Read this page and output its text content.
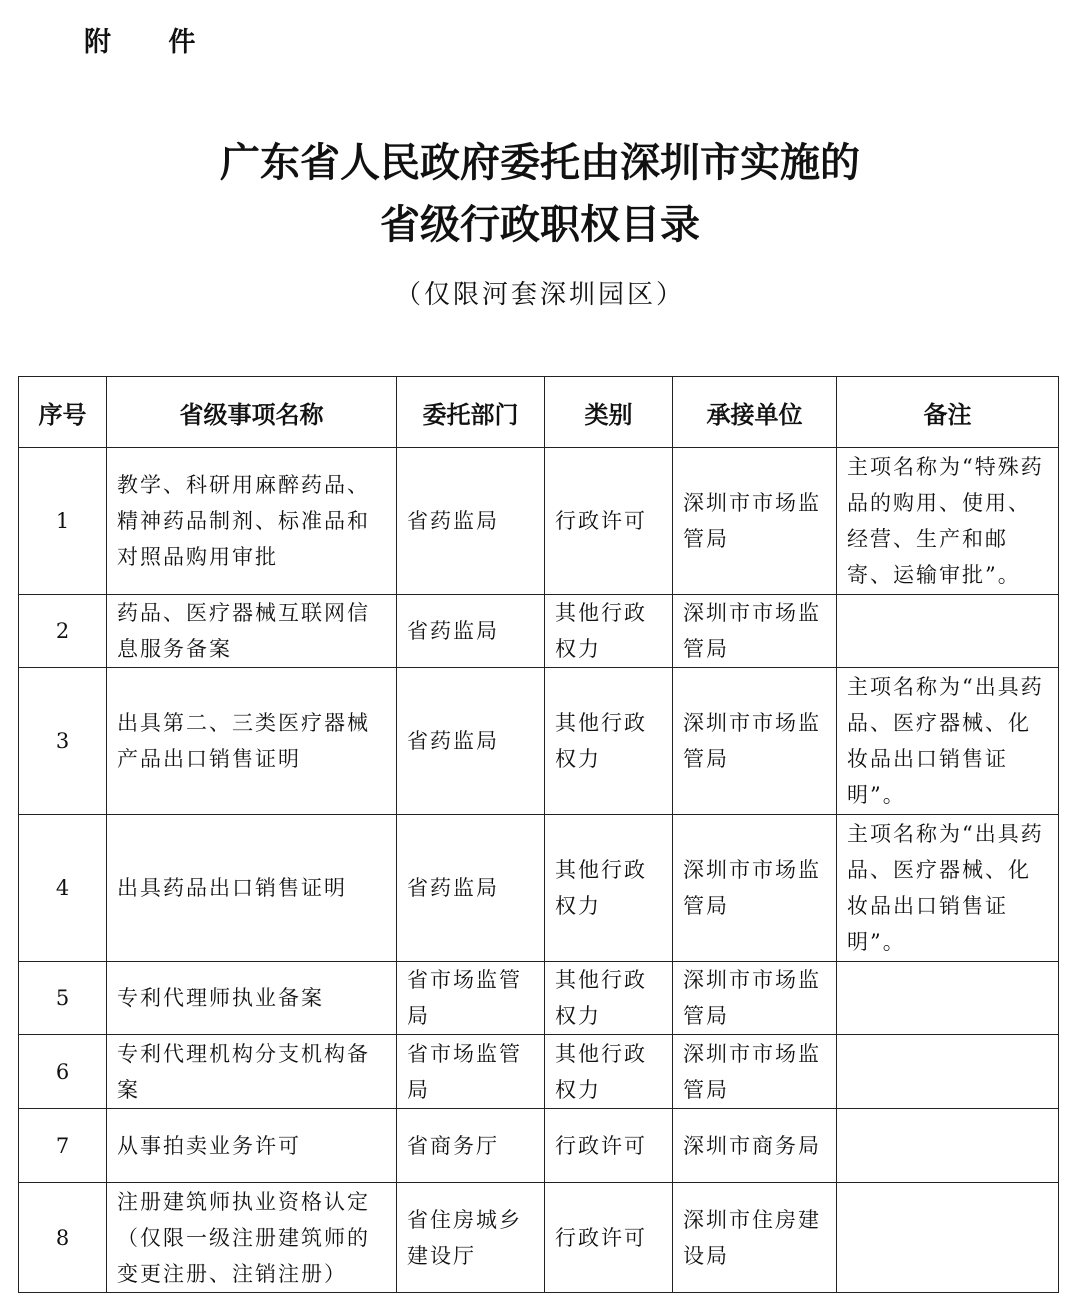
附 件
广东省人民政府委托由深圳市实施的
省级行政职权目录
（仅限河套深圳园区）
序号	省级事项名称	委托部门	类别	承接单位	备注
1	教学、科研用麻醉药品、精神药品制剂、标准品和对照品购用审批	省药监局	行政许可	深圳市市场监管局	主项名称为“特殊药品的购用、使用、经营、生产和邮寄、运输审批”。
2	药品、医疗器械互联网信息服务备案	省药监局	其他行政权力	深圳市市场监管局	
3	出具第二、三类医疗器械产品出口销售证明	省药监局	其他行政权力	深圳市市场监管局	主项名称为“出具药品、医疗器械、化妆品出口销售证明”。
4	出具药品出口销售证明	省药监局	其他行政权力	深圳市市场监管局	主项名称为“出具药品、医疗器械、化妆品出口销售证明”。
5	专利代理师执业备案	省市场监管局	其他行政权力	深圳市市场监管局	
6	专利代理机构分支机构备案	省市场监管局	其他行政权力	深圳市市场监管局	
7	从事拍卖业务许可	省商务厅	行政许可	深圳市商务局	
8	注册建筑师执业资格认定（仅限一级注册建筑师的变更注册、注销注册）	省住房城乡建设厅	行政许可	深圳市住房建设局	
